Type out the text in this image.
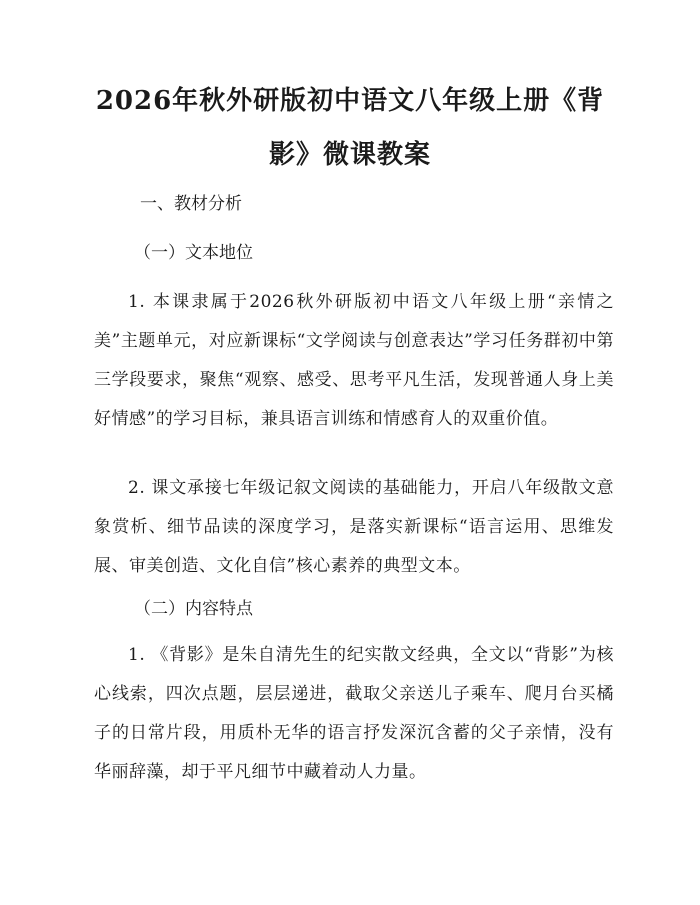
2026年秋外研版初中语文八年级上册《背影》微课教案
一、教材分析
（一）文本地位
1. 本课隶属于2026秋外研版初中语文八年级上册“亲情之美”主题单元，对应新课标“文学阅读与创意表达”学习任务群初中第三学段要求，聚焦“观察、感受、思考平凡生活，发现普通人身上美好情感”的学习目标，兼具语言训练和情感育人的双重价值。
2. 课文承接七年级记叙文阅读的基础能力，开启八年级散文意象赏析、细节品读的深度学习，是落实新课标“语言运用、思维发展、审美创造、文化自信”核心素养的典型文本。
（二）内容特点
1. 《背影》是朱自清先生的纪实散文经典，全文以“背影”为核心线索，四次点题，层层递进，截取父亲送儿子乘车、爬月台买橘子的日常片段，用质朴无华的语言抒发深沉含蓄的父子亲情，没有华丽辞藻，却于平凡细节中藏着动人力量。
